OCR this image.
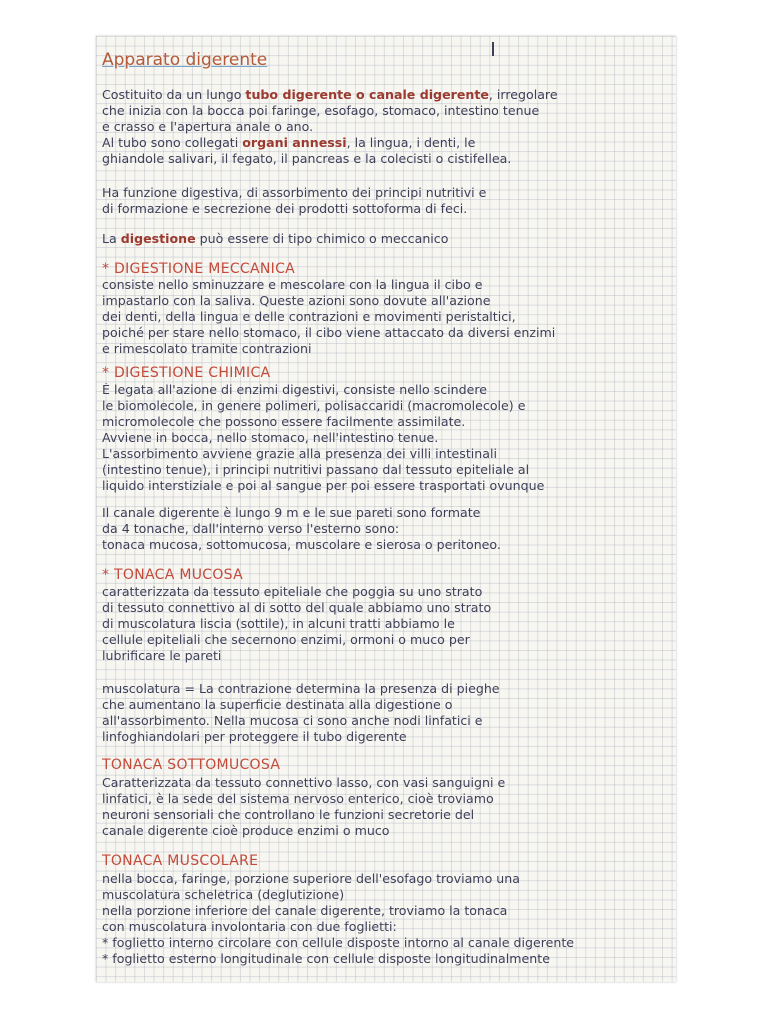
Apparato digerente
Costituito da un lungo tubo digerente o canale digerente, irregolare
che inizia con la bocca poi faringe, esofago, stomaco, intestino tenue
e crasso e l'apertura anale o ano.
Al tubo sono collegati organi annessi, la lingua, i denti, le
ghiandole salivari, il fegato, il pancreas e la colecisti o cistifellea.
Ha funzione digestiva, di assorbimento dei principi nutritivi e
di formazione e secrezione dei prodotti sottoforma di feci.
La digestione può essere di tipo chimico o meccanico
* DIGESTIONE MECCANICA
consiste nello sminuzzare e mescolare con la lingua il cibo e
impastarlo con la saliva. Queste azioni sono dovute all'azione
dei denti, della lingua e delle contrazioni e movimenti peristaltici,
poiché per stare nello stomaco, il cibo viene attaccato da diversi enzimi
e rimescolato tramite contrazioni
* DIGESTIONE CHIMICA
È legata all'azione di enzimi digestivi, consiste nello scindere
le biomolecole, in genere polimeri, polisaccaridi (macromolecole) e
micromolecole che possono essere facilmente assimilate.
Avviene in bocca, nello stomaco, nell'intestino tenue.
L'assorbimento avviene grazie alla presenza dei villi intestinali
(intestino tenue), i principi nutritivi passano dal tessuto epiteliale al
liquido interstiziale e poi al sangue per poi essere trasportati ovunque
Il canale digerente è lungo 9 m e le sue pareti sono formate
da 4 tonache, dall'interno verso l'esterno sono:
tonaca mucosa, sottomucosa, muscolare e sierosa o peritoneo.
* TONACA MUCOSA
caratterizzata da tessuto epiteliale che poggia su uno strato
di tessuto connettivo al di sotto del quale abbiamo uno strato
di muscolatura liscia (sottile), in alcuni tratti abbiamo le
cellule epiteliali che secernono enzimi, ormoni o muco per
lubrificare le pareti
muscolatura = La contrazione determina la presenza di pieghe
che aumentano la superficie destinata alla digestione o
all'assorbimento. Nella mucosa ci sono anche nodi linfatici e
linfoghiandolari per proteggere il tubo digerente
TONACA SOTTOMUCOSA
Caratterizzata da tessuto connettivo lasso, con vasi sanguigni e
linfatici, è la sede del sistema nervoso enterico, cioè troviamo
neuroni sensoriali che controllano le funzioni secretorie del
canale digerente cioè produce enzimi o muco
TONACA MUSCOLARE
nella bocca, faringe, porzione superiore dell'esofago troviamo una
muscolatura scheletrica (deglutizione)
nella porzione inferiore del canale digerente, troviamo la tonaca
con muscolatura involontaria con due foglietti:
* foglietto interno circolare con cellule disposte intorno al canale digerente
* foglietto esterno longitudinale con cellule disposte longitudinalmente
